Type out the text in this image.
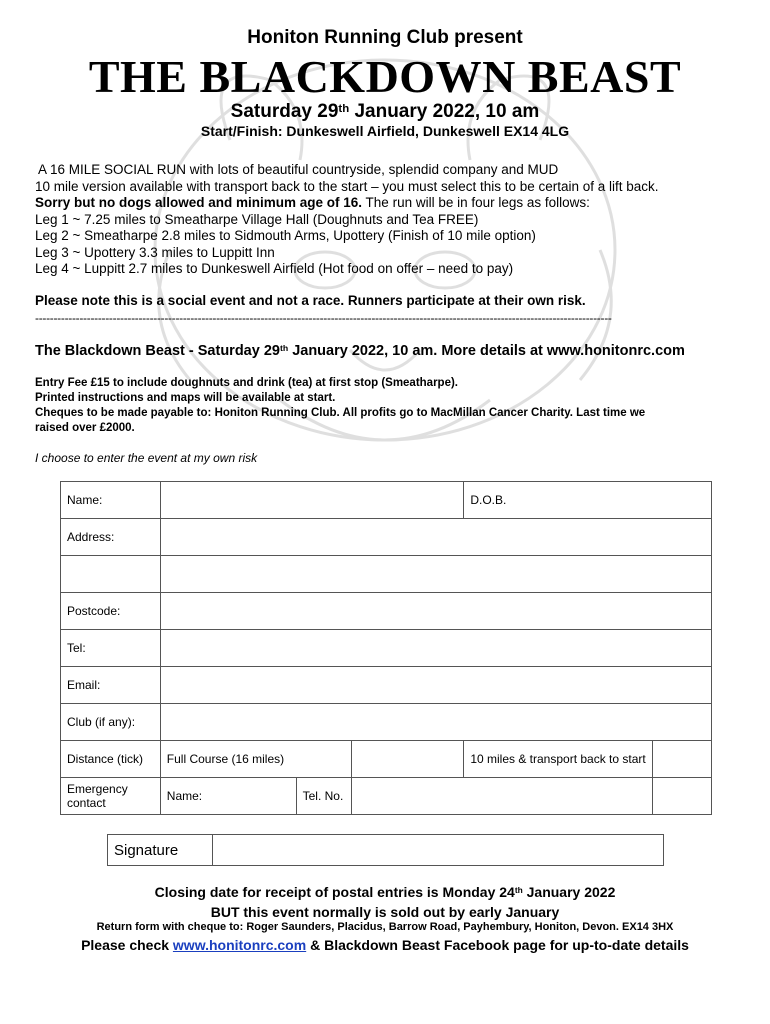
Honiton Running Club present
THE BLACKDOWN BEAST
Saturday 29th January 2022, 10 am
Start/Finish: Dunkeswell Airfield, Dunkeswell EX14 4LG
A 16 MILE SOCIAL RUN with lots of beautiful countryside, splendid company and MUD
10 mile version available with transport back to the start – you must select this to be certain of a lift back.
Sorry but no dogs allowed and minimum age of 16. The run will be in four legs as follows:
Leg 1 ~ 7.25 miles to Smeatharpe Village Hall (Doughnuts and Tea FREE)
Leg 2 ~ Smeatharpe 2.8 miles to Sidmouth Arms, Upottery (Finish of 10 mile option)
Leg 3 ~ Upottery 3.3 miles to Luppitt Inn
Leg 4 ~ Luppitt 2.7 miles to Dunkeswell Airfield (Hot food on offer – need to pay)
Please note this is a social event and not a race. Runners participate at their own risk.
------------------------------------------------------------------------------------------------------------------------------------------------------------
The Blackdown Beast - Saturday 29th January 2022, 10 am. More details at www.honitonrc.com
Entry Fee £15 to include doughnuts and drink (tea) at first stop (Smeatharpe).
Printed instructions and maps will be available at start.
Cheques to be made payable to: Honiton Running Club. All profits go to MacMillan Cancer Charity. Last time we
raised over £2000.
I choose to enter the event at my own risk
Name:				D.O.B.	
Address:					

Postcode:					
Tel:					
Email:					
Club (if any):					
Distance (tick)	Full Course (16 miles)			10 miles & transport back to start	
Emergency contact	Name:	Tel. No.			
Signature	
Closing date for receipt of postal entries is Monday 24th January 2022
BUT this event normally is sold out by early January
Return form with cheque to: Roger Saunders, Placidus, Barrow Road, Payhembury, Honiton, Devon. EX14 3HX
Please check www.honitonrc.com & Blackdown Beast Facebook page for up-to-date details
